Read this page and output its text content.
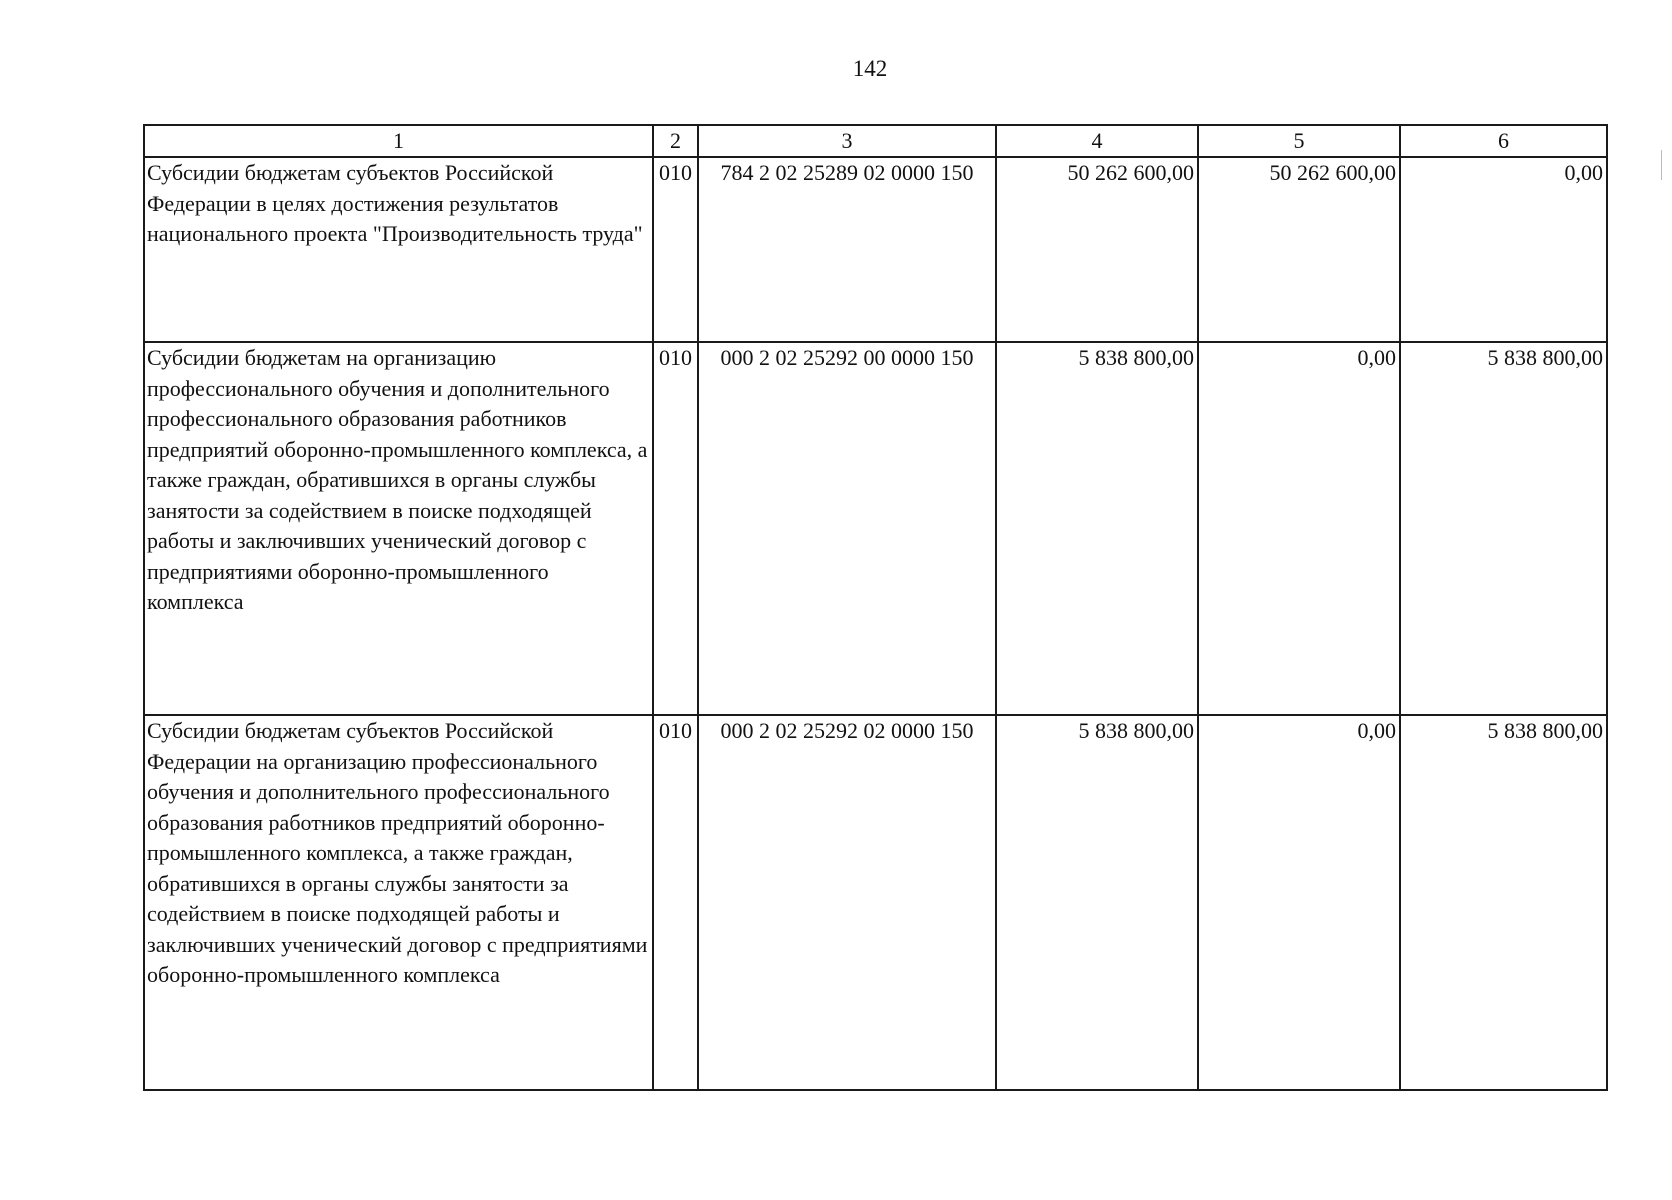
142
1	2	3	4	5	6
Субсидии бюджетам субъектов Российской Федерации в целях достижения результатов национального проекта "Производительность труда"	010	784 2 02 25289 02 0000 150	50 262 600,00	50 262 600,00	0,00
Субсидии бюджетам на организацию профессионального обучения и дополнительного профессионального образования работников предприятий оборонно-промышленного комплекса, а также граждан, обратившихся в органы службы занятости за содействием в поиске подходящей работы и заключивших ученический договор с предприятиями оборонно-промышленного комплекса	010	000 2 02 25292 00 0000 150	5 838 800,00	0,00	5 838 800,00
Субсидии бюджетам субъектов Российской Федерации на организацию профессионального обучения и дополнительного профессионального образования работников предприятий оборонно-промышленного комплекса, а также граждан, обратившихся в органы службы занятости за содействием в поиске подходящей работы и заключивших ученический договор с предприятиями оборонно-промышленного комплекса	010	000 2 02 25292 02 0000 150	5 838 800,00	0,00	5 838 800,00
